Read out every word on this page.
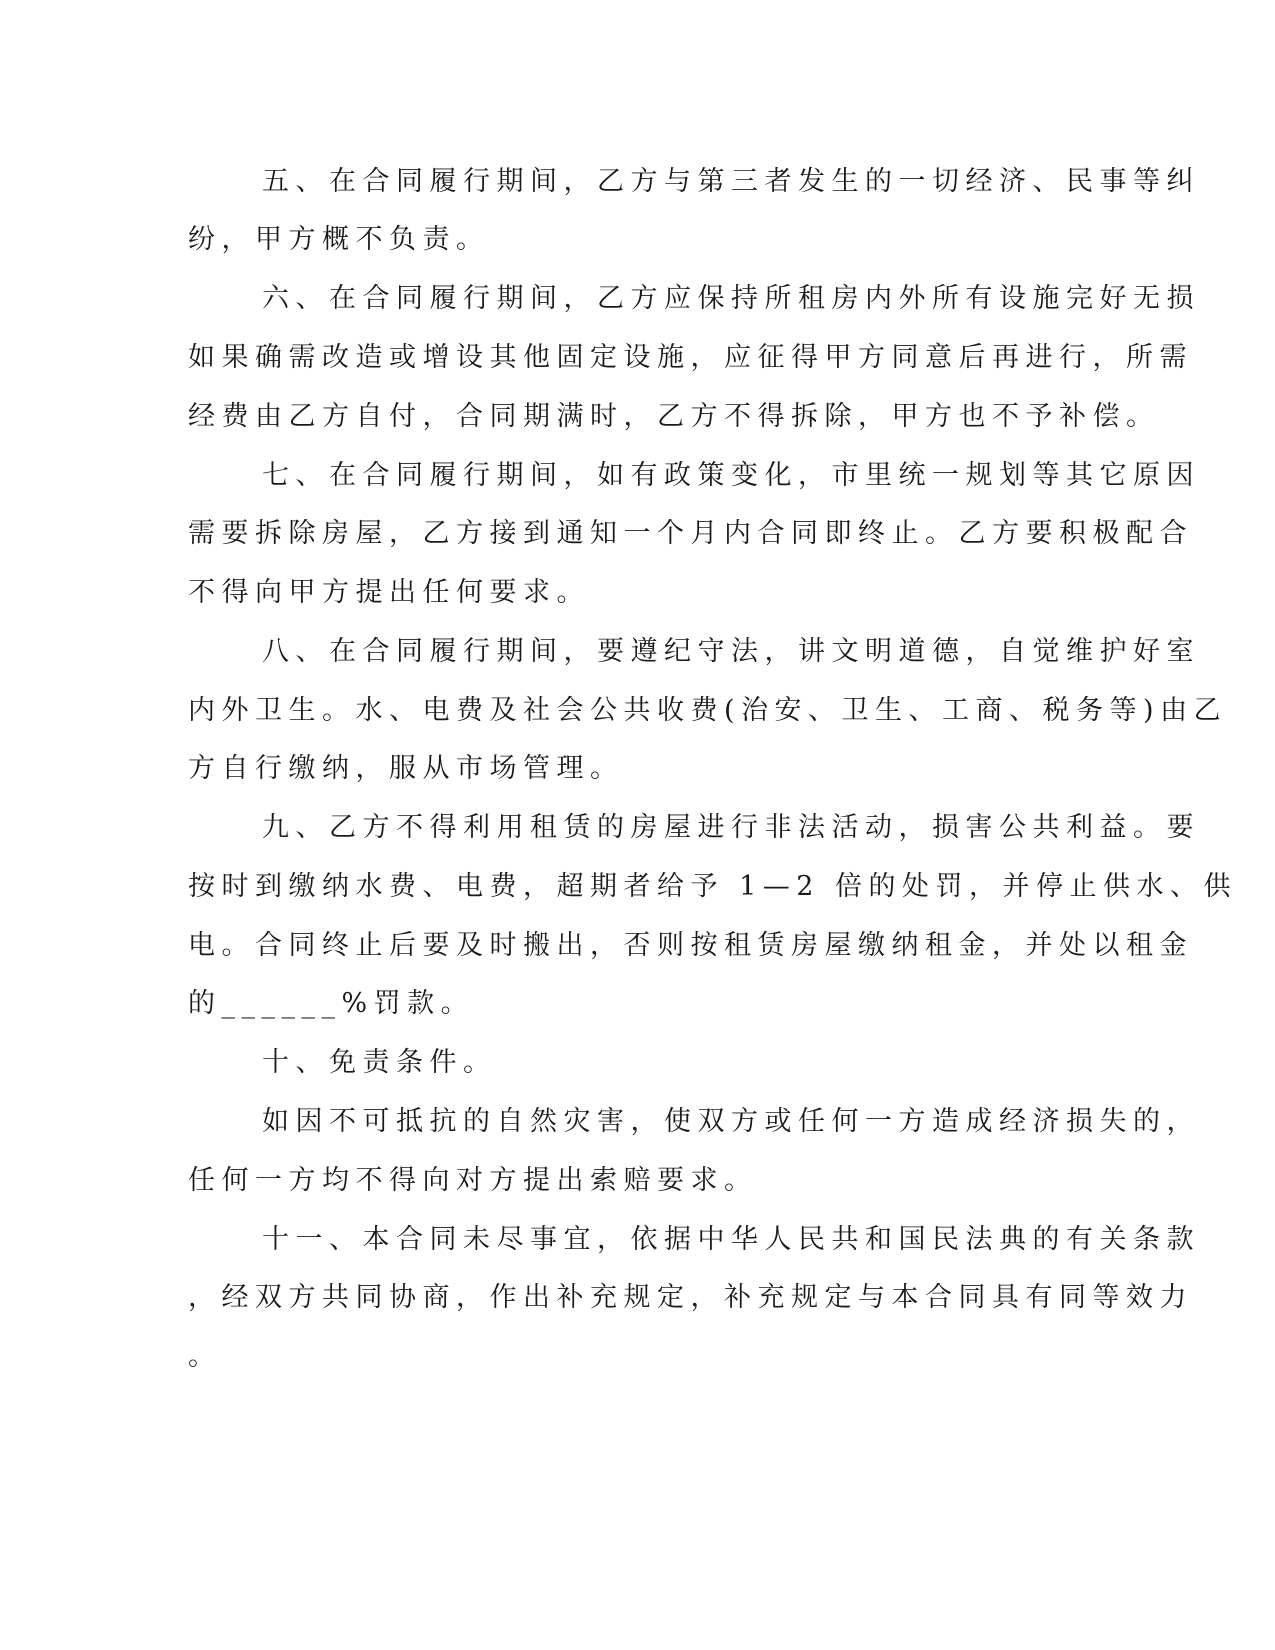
五、在合同履行期间，乙方与第三者发生的一切经济、民事等纠
纷，甲方概不负责。
六、在合同履行期间，乙方应保持所租房内外所有设施完好无损
如果确需改造或增设其他固定设施，应征得甲方同意后再进行，所需
经费由乙方自付，合同期满时，乙方不得拆除，甲方也不予补偿。
七、在合同履行期间，如有政策变化，市里统一规划等其它原因
需要拆除房屋，乙方接到通知一个月内合同即终止。乙方要积极配合
不得向甲方提出任何要求。
八、在合同履行期间，要遵纪守法，讲文明道德，自觉维护好室
内外卫生。水、电费及社会公共收费(治安、卫生、工商、税务等)由乙
方自行缴纳，服从市场管理。
九、乙方不得利用租赁的房屋进行非法活动，损害公共利益。要
按时到缴纳水费、电费，超期者给予 1—2 倍的处罚，并停止供水、供
电。合同终止后要及时搬出，否则按租赁房屋缴纳租金，并处以租金
的______%罚款。
十、免责条件。
如因不可抵抗的自然灾害，使双方或任何一方造成经济损失的，
任何一方均不得向对方提出索赔要求。
十一、本合同未尽事宜，依据中华人民共和国民法典的有关条款
，经双方共同协商，作出补充规定，补充规定与本合同具有同等效力
。
